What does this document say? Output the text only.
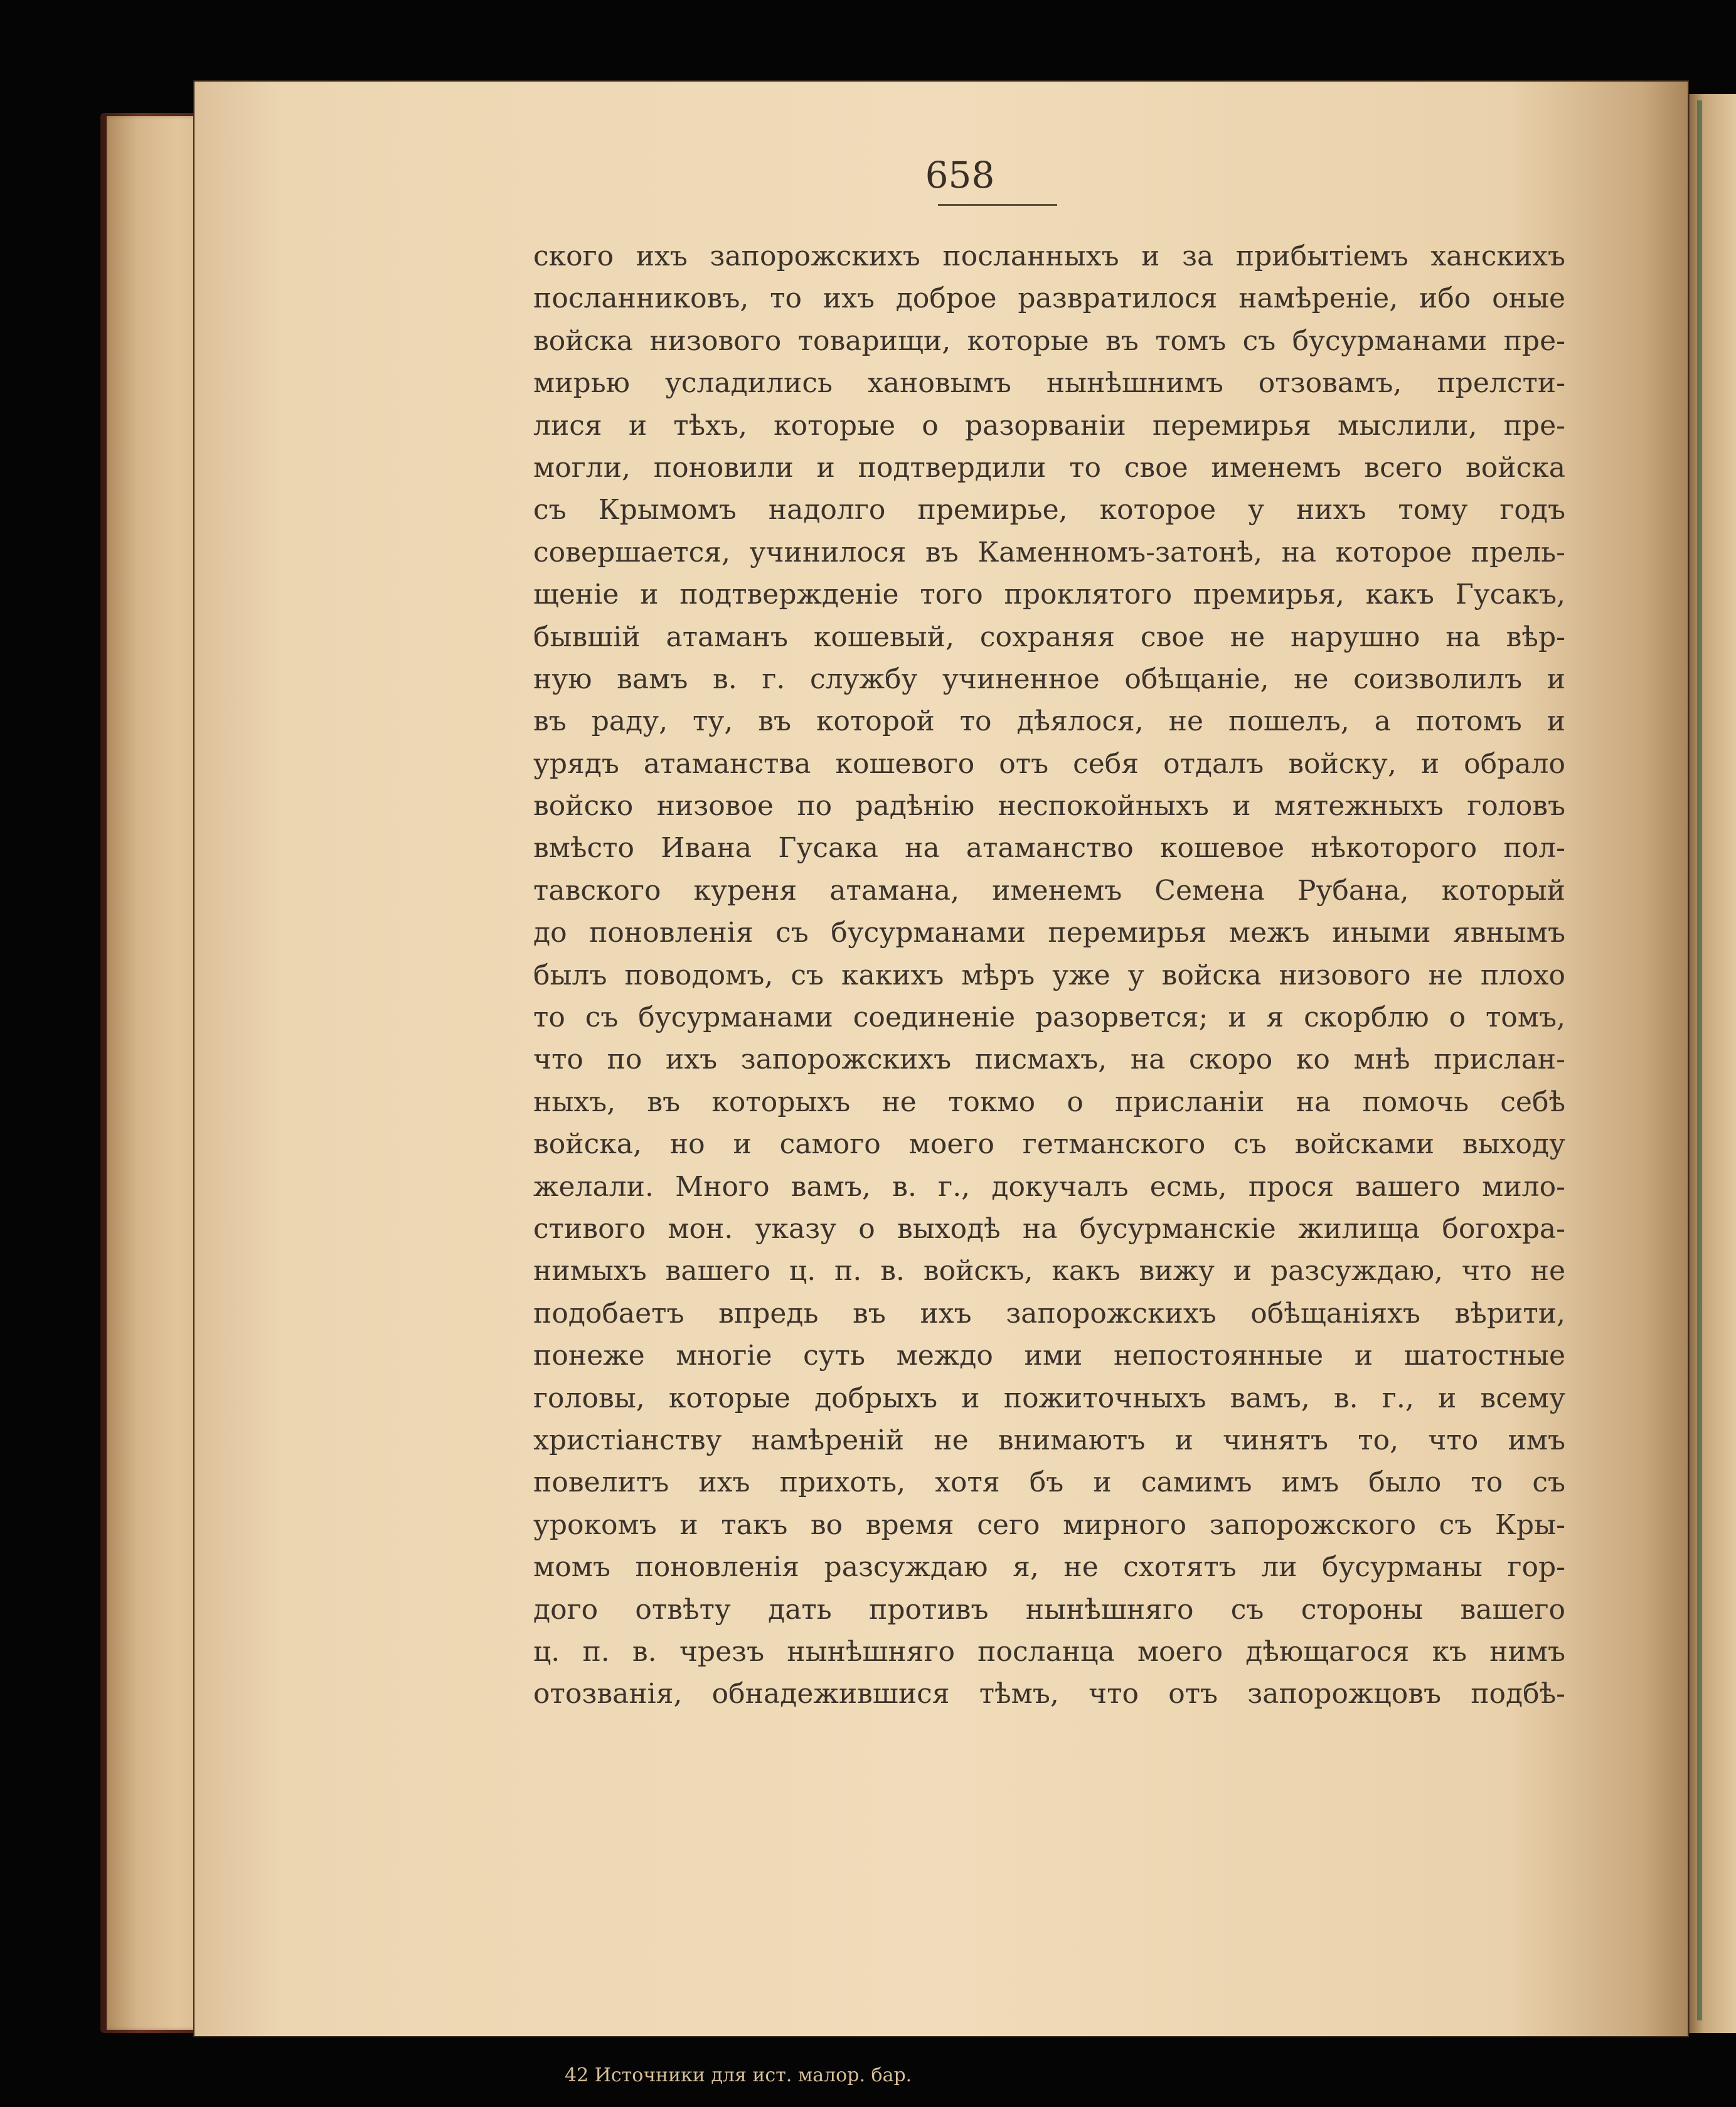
658
ского ихъ запорожскихъ посланныхъ и за прибытіемъ ханскихъ
посланниковъ, то ихъ доброе развратилося намѣреніе, ибо оные
войска низового товарищи, которые въ томъ съ бусурманами пре-
мирью усладились хановымъ нынѣшнимъ отзовамъ, прелсти-
лися и тѣхъ, которые о разорваніи перемирья мыслили, пре-
могли, поновили и подтвердили то свое именемъ всего войска
съ Крымомъ надолго премирье, которое у нихъ тому годъ
совершается, учинилося въ Каменномъ-затонѣ, на которое прель-
щеніе и подтвержденіе того проклятого премирья, какъ Гусакъ,
бывшій атаманъ кошевый, сохраняя свое не нарушно на вѣр-
ную вамъ в. г. службу учиненное обѣщаніе, не соизволилъ и
въ раду, ту, въ которой то дѣялося, не пошелъ, а потомъ и
урядъ атаманства кошевого отъ себя отдалъ войску, и обрало
войско низовое по радѣнію неспокойныхъ и мятежныхъ головъ
вмѣсто Ивана Гусака на атаманство кошевое нѣкоторого пол-
тавского куреня атамана, именемъ Семена Рубана, который
до поновленія съ бусурманами перемирья межъ иными явнымъ
былъ поводомъ, съ какихъ мѣръ уже у войска низового не плохо
то съ бусурманами соединеніе разорвется; и я скорблю о томъ,
что по ихъ запорожскихъ писмахъ, на скоро ко мнѣ прислан-
ныхъ, въ которыхъ не токмо о присланіи на помочь себѣ
войска, но и самого моего гетманского съ войсками выходу
желали. Много вамъ, в. г., докучалъ есмь, прося вашего мило-
стивого мон. указу о выходѣ на бусурманскіе жилища богохра-
нимыхъ вашего ц. п. в. войскъ, какъ вижу и разсуждаю, что не
подобаетъ впредь въ ихъ запорожскихъ обѣщаніяхъ вѣрити,
понеже многіе суть междо ими непостоянные и шатостные
головы, которые добрыхъ и пожиточныхъ вамъ, в. г., и всему
христіанству намѣреній не внимаютъ и чинятъ то, что имъ
повелитъ ихъ прихоть, хотя бъ и самимъ имъ было то съ
урокомъ и такъ во время сего мирного запорожского съ Кры-
момъ поновленія разсуждаю я, не схотятъ ли бусурманы гор-
дого отвѣту дать противъ нынѣшняго съ стороны вашего
ц. п. в. чрезъ нынѣшняго посланца моего дѣющагося къ нимъ
отозванія, обнадежившися тѣмъ, что отъ запорожцовъ подбѣ-
42 Источники для ист. малор. бар.
